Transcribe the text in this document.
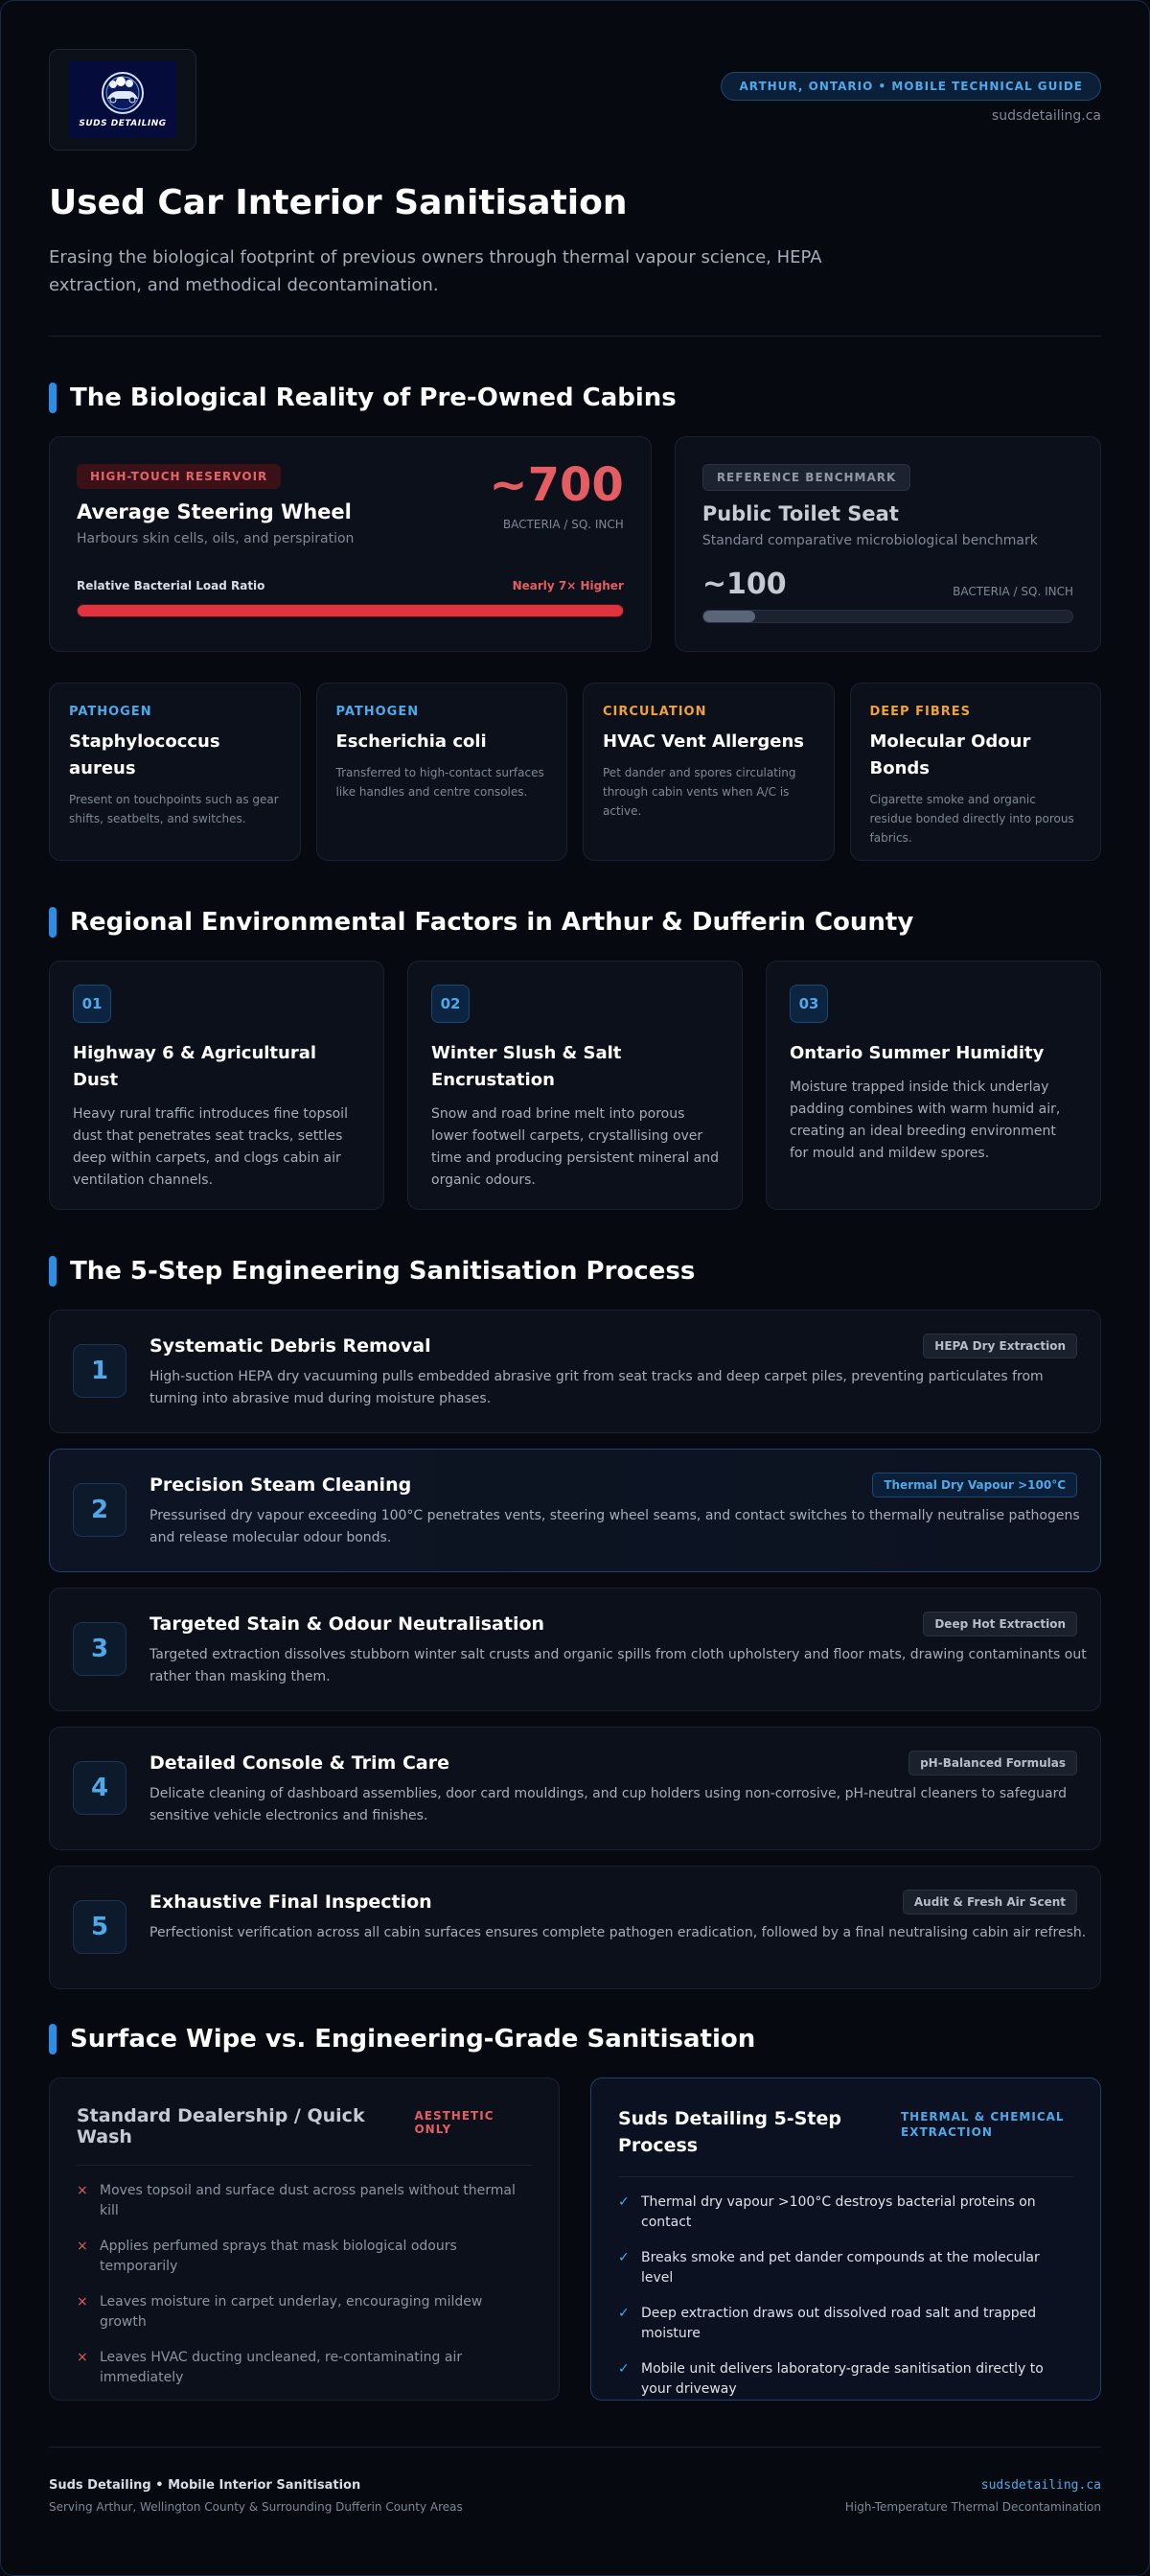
SUDS DETAILING
ARTHUR, ONTARIO • MOBILE TECHNICAL GUIDE
sudsdetailing.ca
Used Car Interior Sanitisation

Erasing the biological footprint of previous owners through thermal vapour science, HEPA extraction, and methodical decontamination.

The Biological Reality of Pre-Owned Cabins
HIGH-TOUCH RESERVOIR
Average Steering Wheel
Harbours skin cells, oils, and perspiration
~700
BACTERIA / SQ. INCH
Relative Bacterial Load Ratio	Nearly 7× Higher
REFERENCE BENCHMARK
Public Toilet Seat
Standard comparative microbiological benchmark
~100	BACTERIA / SQ. INCH
PATHOGEN
Staphylococcus aureus
Present on touchpoints such as gear shifts, seatbelts, and switches.
PATHOGEN
Escherichia coli
Transferred to high-contact surfaces like handles and centre consoles.
CIRCULATION
HVAC Vent Allergens
Pet dander and spores circulating through cabin vents when A/C is active.
DEEP FIBRES
Molecular Odour Bonds
Cigarette smoke and organic residue bonded directly into porous fabrics.
Regional Environmental Factors in Arthur & Dufferin County
01
Highway 6 & Agricultural Dust
Heavy rural traffic introduces fine topsoil dust that penetrates seat tracks, settles deep within carpets, and clogs cabin air ventilation channels.
02
Winter Slush & Salt Encrustation
Snow and road brine melt into porous lower footwell carpets, crystallising over time and producing persistent mineral and organic odours.
03
Ontario Summer Humidity
Moisture trapped inside thick underlay padding combines with warm humid air, creating an ideal breeding environment for mould and mildew spores.
The 5-Step Engineering Sanitisation Process
1
Systematic Debris Removal	HEPA Dry Extraction
High-suction HEPA dry vacuuming pulls embedded abrasive grit from seat tracks and deep carpet piles, preventing particulates from turning into abrasive mud during moisture phases.
2
Precision Steam Cleaning	Thermal Dry Vapour >100°C
Pressurised dry vapour exceeding 100°C penetrates vents, steering wheel seams, and contact switches to thermally neutralise pathogens and release molecular odour bonds.
3
Targeted Stain & Odour Neutralisation	Deep Hot Extraction
Targeted extraction dissolves stubborn winter salt crusts and organic spills from cloth upholstery and floor mats, drawing contaminants out rather than masking them.
4
Detailed Console & Trim Care	pH-Balanced Formulas
Delicate cleaning of dashboard assemblies, door card mouldings, and cup holders using non-corrosive, pH-neutral cleaners to safeguard sensitive vehicle electronics and finishes.
5
Exhaustive Final Inspection	Audit & Fresh Air Scent
Perfectionist verification across all cabin surfaces ensures complete pathogen eradication, followed by a final neutralising cabin air refresh.
Surface Wipe vs. Engineering-Grade Sanitisation
Standard Dealership / Quick Wash
AESTHETIC ONLY
× Moves topsoil and surface dust across panels without thermal kill
× Applies perfumed sprays that mask biological odours temporarily
× Leaves moisture in carpet underlay, encouraging mildew growth
× Leaves HVAC ducting uncleaned, re-contaminating air immediately
Suds Detailing 5-Step Process
THERMAL & CHEMICAL EXTRACTION
✓ Thermal dry vapour >100°C destroys bacterial proteins on contact
✓ Breaks smoke and pet dander compounds at the molecular level
✓ Deep extraction draws out dissolved road salt and trapped moisture
✓ Mobile unit delivers laboratory-grade sanitisation directly to your driveway
Suds Detailing • Mobile Interior Sanitisation
Serving Arthur, Wellington County & Surrounding Dufferin County Areas
sudsdetailing.ca
High-Temperature Thermal Decontamination
